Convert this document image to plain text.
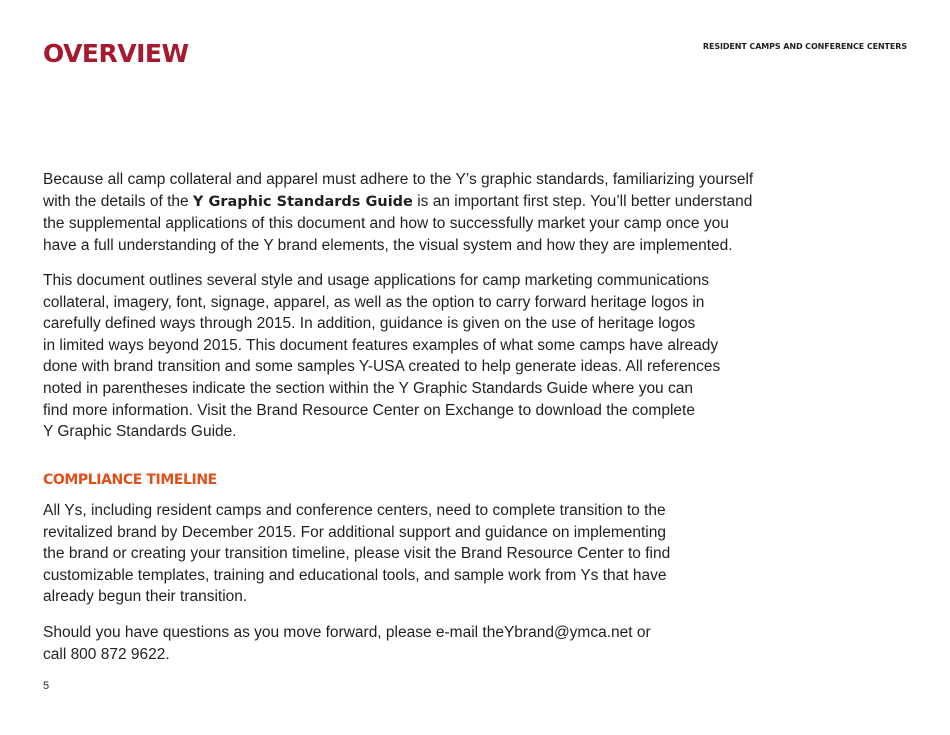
OVERVIEW	RESIDENT CAMPS AND CONFERENCE CENTERS

Because all camp collateral and apparel must adhere to the Y’s graphic standards, familiarizing yourself
with the details of the Y Graphic Standards Guide is an important first step. You’ll better understand
the supplemental applications of this document and how to successfully market your camp once you
have a full understanding of the Y brand elements, the visual system and how they are implemented.

This document outlines several style and usage applications for camp marketing communications
collateral, imagery, font, signage, apparel, as well as the option to carry forward heritage logos in
carefully defined ways through 2015. In addition, guidance is given on the use of heritage logos
in limited ways beyond 2015. This document features examples of what some camps have already
done with brand transition and some samples Y-USA created to help generate ideas. All references
noted in parentheses indicate the section within the Y Graphic Standards Guide where you can
find more information. Visit the Brand Resource Center on Exchange to download the complete
Y Graphic Standards Guide.

COMPLIANCE TIMELINE

All Ys, including resident camps and conference centers, need to complete transition to the
revitalized brand by December 2015. For additional support and guidance on implementing
the brand or creating your transition timeline, please visit the Brand Resource Center to find
customizable templates, training and educational tools, and sample work from Ys that have
already begun their transition.

Should you have questions as you move forward, please e-mail theYbrand@ymca.net or
call 800 872 9622.

5
